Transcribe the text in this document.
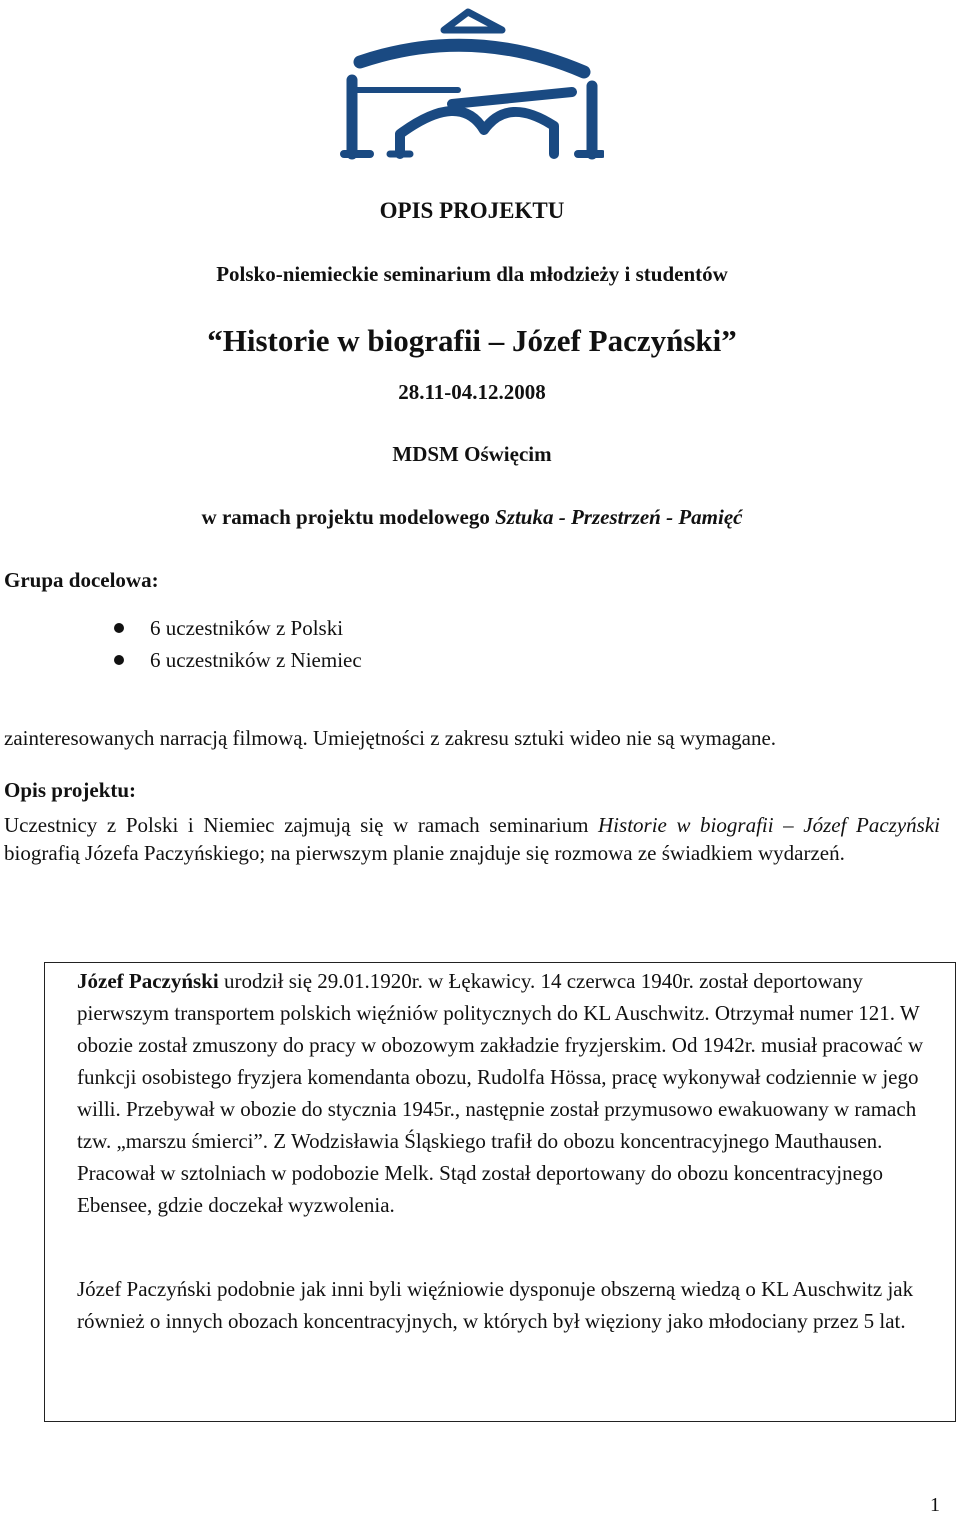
OPIS PROJEKTU
Polsko-niemieckie seminarium dla młodzieży i studentów
“Historie w biografii – Józef Paczyński”
28.11-04.12.2008
MDSM Oświęcim
w ramach projektu modelowego Sztuka - Przestrzeń - Pamięć
Grupa docelowa:
6 uczestników z Polski
6 uczestników z Niemiec
zainteresowanych narracją filmową. Umiejętności z zakresu sztuki wideo nie są wymagane.
Opis projektu:
Uczestnicy z Polski i Niemiec zajmują się w ramach seminarium Historie w biografii – Józef Paczyński biografią Józefa Paczyńskiego; na pierwszym planie znajduje się rozmowa ze świadkiem wydarzeń.

Józef Paczyński urodził się 29.01.1920r. w Łękawicy. 14 czerwca 1940r. został deportowany pierwszym transportem polskich więźniów politycznych do KL Auschwitz. Otrzymał numer 121. W obozie został zmuszony do pracy w obozowym zakładzie fryzjerskim. Od 1942r. musiał pracować w funkcji osobistego fryzjera komendanta obozu, Rudolfa Hössa, pracę wykonywał codziennie w jego willi. Przebywał w obozie do stycznia 1945r., następnie został przymusowo ewakuowany w ramach tzw. „marszu śmierci”. Z Wodzisławia Śląskiego trafił do obozu koncentracyjnego Mauthausen. Pracował w sztolniach w podobozie Melk. Stąd został deportowany do obozu koncentracyjnego Ebensee, gdzie doczekał wyzwolenia.

Józef Paczyński podobnie jak inni byli więźniowie dysponuje obszerną wiedzą o KL Auschwitz jak również o innych obozach koncentracyjnych, w których był więziony jako młodociany przez 5 lat.

1
